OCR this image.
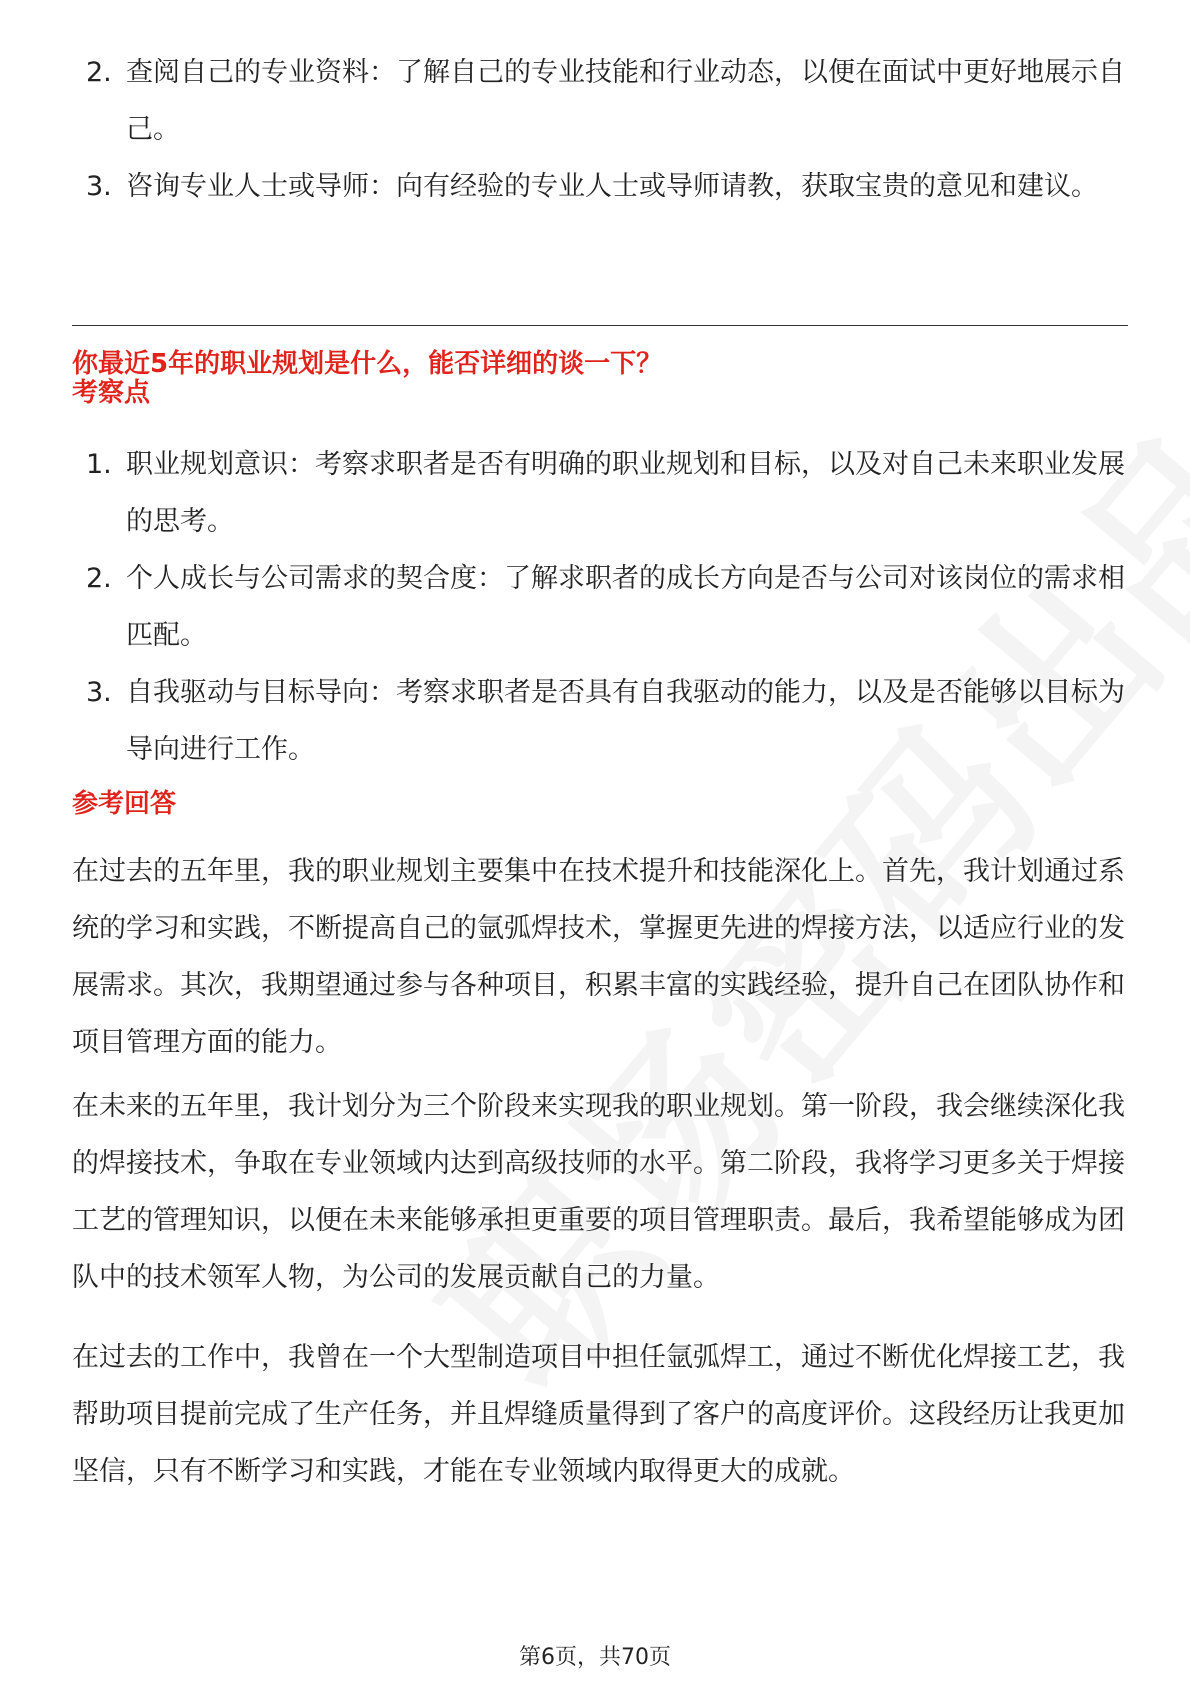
2. 查阅自己的专业资料：了解自己的专业技能和行业动态，以便在面试中更好地展示自己。
3. 咨询专业人士或导师：向有经验的专业人士或导师请教，获取宝贵的意见和建议。
你最近5年的职业规划是什么，能否详细的谈一下？
考察点
1. 职业规划意识：考察求职者是否有明确的职业规划和目标，以及对自己未来职业发展的思考。
2. 个人成长与公司需求的契合度：了解求职者的成长方向是否与公司对该岗位的需求相匹配。
3. 自我驱动与目标导向：考察求职者是否具有自我驱动的能力，以及是否能够以目标为导向进行工作。
参考回答

在过去的五年里，我的职业规划主要集中在技术提升和技能深化上。首先，我计划通过系统的学习和实践，不断提高自己的氩弧焊技术，掌握更先进的焊接方法，以适应行业的发展需求。其次，我期望通过参与各种项目，积累丰富的实践经验，提升自己在团队协作和项目管理方面的能力。

在未来的五年里，我计划分为三个阶段来实现我的职业规划。第一阶段，我会继续深化我的焊接技术，争取在专业领域内达到高级技师的水平。第二阶段，我将学习更多关于焊接工艺的管理知识，以便在未来能够承担更重要的项目管理职责。最后，我希望能够成为团队中的技术领军人物，为公司的发展贡献自己的力量。

在过去的工作中，我曾在一个大型制造项目中担任氩弧焊工，通过不断优化焊接工艺，我帮助项目提前完成了生产任务，并且焊缝质量得到了客户的高度评价。这段经历让我更加坚信，只有不断学习和实践，才能在专业领域内取得更大的成就。

第6页，共70页
